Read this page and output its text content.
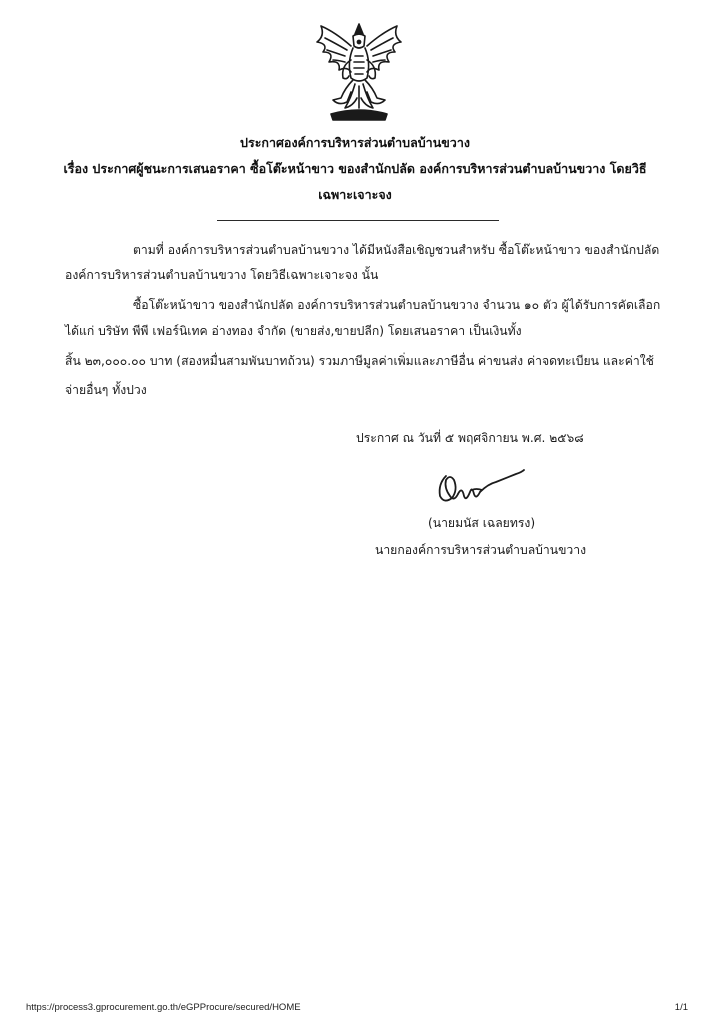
ประกาศองค์การบริหารส่วนตำบลบ้านขวาง
เรื่อง ประกาศผู้ชนะการเสนอราคา ซื้อโต๊ะหน้าขาว ของสำนักปลัด องค์การบริหารส่วนตำบลบ้านขวาง โดยวิธี
เฉพาะเจาะจง
ตามที่ องค์การบริหารส่วนตำบลบ้านขวาง ได้มีหนังสือเชิญชวนสำหรับ ซื้อโต๊ะหน้าขาว ของสำนักปลัด
องค์การบริหารส่วนตำบลบ้านขวาง โดยวิธีเฉพาะเจาะจง นั้น
ซื้อโต๊ะหน้าขาว ของสำนักปลัด องค์การบริหารส่วนตำบลบ้านขวาง จำนวน ๑๐ ตัว ผู้ได้รับการคัดเลือก
ได้แก่ บริษัท พีพี เฟอร์นิเทค อ่างทอง จำกัด (ขายส่ง,ขายปลีก) โดยเสนอราคา เป็นเงินทั้ง
สิ้น ๒๓,๐๐๐.๐๐ บาท (สองหมื่นสามพันบาทถ้วน) รวมภาษีมูลค่าเพิ่มและภาษีอื่น ค่าขนส่ง ค่าจดทะเบียน และค่าใช้
จ่ายอื่นๆ ทั้งปวง
ประกาศ ณ วันที่ ๕ พฤศจิกายน พ.ศ. ๒๕๖๘
(นายมนัส เฉลยทรง)
นายกองค์การบริหารส่วนตำบลบ้านขวาง
https://process3.gprocurement.go.th/eGPProcure/secured/HOME	1/1
